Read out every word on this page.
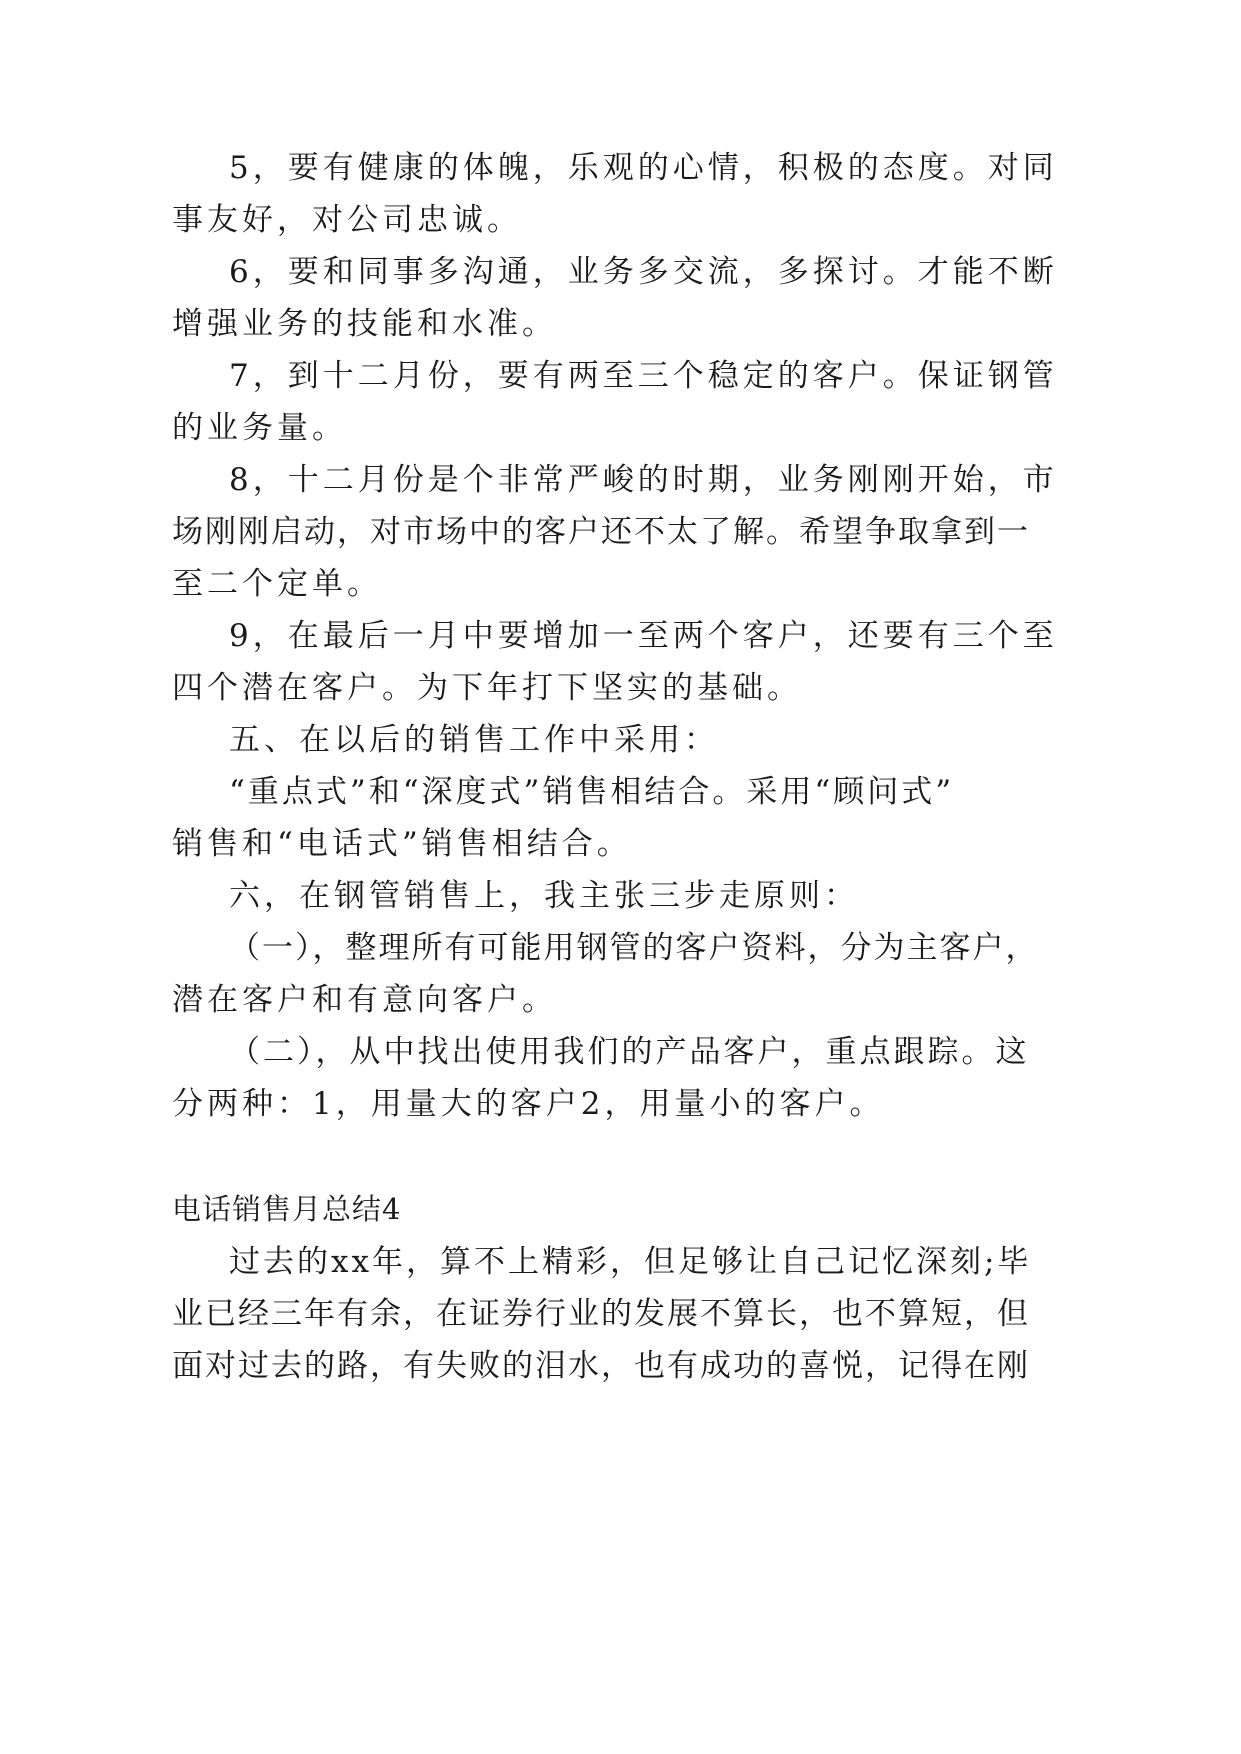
5，要有健康的体魄，乐观的心情，积极的态度。对同
事友好，对公司忠诚。
6，要和同事多沟通，业务多交流，多探讨。才能不断
增强业务的技能和水准。
7，到十二月份，要有两至三个稳定的客户。保证钢管
的业务量。
8，十二月份是个非常严峻的时期，业务刚刚开始，市
场刚刚启动，对市场中的客户还不太了解。希望争取拿到一
至二个定单。
9，在最后一月中要增加一至两个客户，还要有三个至
四个潜在客户。为下年打下坚实的基础。
五、在以后的销售工作中采用：
“重点式”和“深度式”销售相结合。采用“顾问式”
销售和“电话式”销售相结合。
六，在钢管销售上，我主张三步走原则：
（一），整理所有可能用钢管的客户资料，分为主客户，
潜在客户和有意向客户。
（二），从中找出使用我们的产品客户，重点跟踪。这
分两种：1，用量大的客户2，用量小的客户。
电话销售月总结4
过去的xx年，算不上精彩，但足够让自己记忆深刻;毕
业已经三年有余，在证券行业的发展不算长，也不算短，但
面对过去的路，有失败的泪水，也有成功的喜悦，记得在刚
